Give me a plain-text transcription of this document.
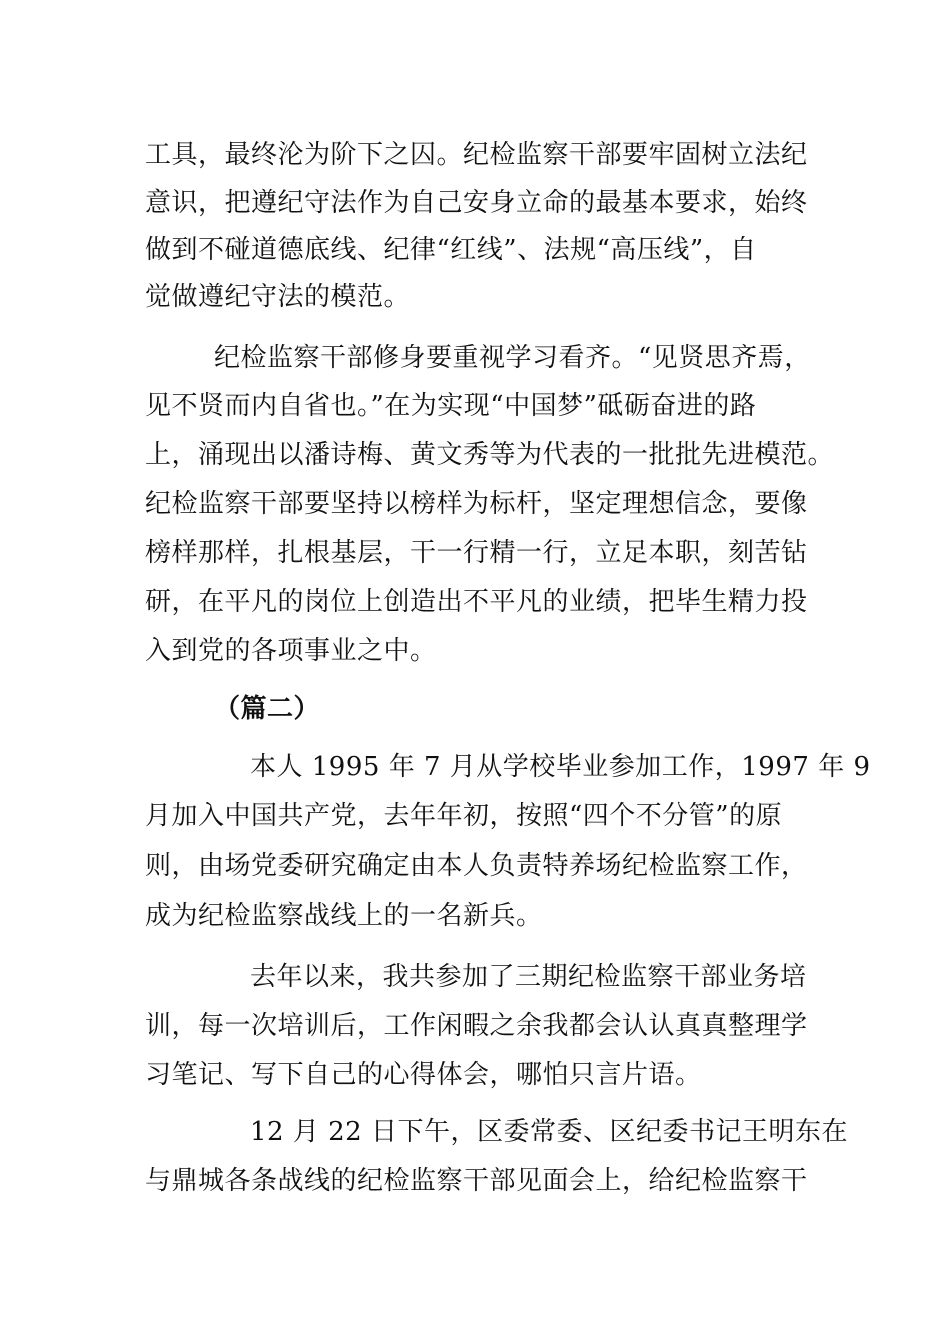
工具，最终沦为阶下之囚。纪检监察干部要牢固树立法纪
意识，把遵纪守法作为自己安身立命的最基本要求，始终
做到不碰道德底线、纪律“红线”、法规“高压线”，自
觉做遵纪守法的模范。
纪检监察干部修身要重视学习看齐。“见贤思齐焉，
见不贤而内自省也。”在为实现“中国梦”砥砺奋进的路
上，涌现出以潘诗梅、黄文秀等为代表的一批批先进模范。
纪检监察干部要坚持以榜样为标杆，坚定理想信念，要像
榜样那样，扎根基层，干一行精一行，立足本职，刻苦钻
研，在平凡的岗位上创造出不平凡的业绩，把毕生精力投
入到党的各项事业之中。
（篇二）
本人 1995 年 7 月从学校毕业参加工作，1997 年 9
月加入中国共产党，去年年初，按照“四个不分管”的原
则，由场党委研究确定由本人负责特养场纪检监察工作，
成为纪检监察战线上的一名新兵。
去年以来，我共参加了三期纪检监察干部业务培
训，每一次培训后，工作闲暇之余我都会认认真真整理学
习笔记、写下自己的心得体会，哪怕只言片语。
12 月 22 日下午，区委常委、区纪委书记王明东在
与鼎城各条战线的纪检监察干部见面会上，给纪检监察干
